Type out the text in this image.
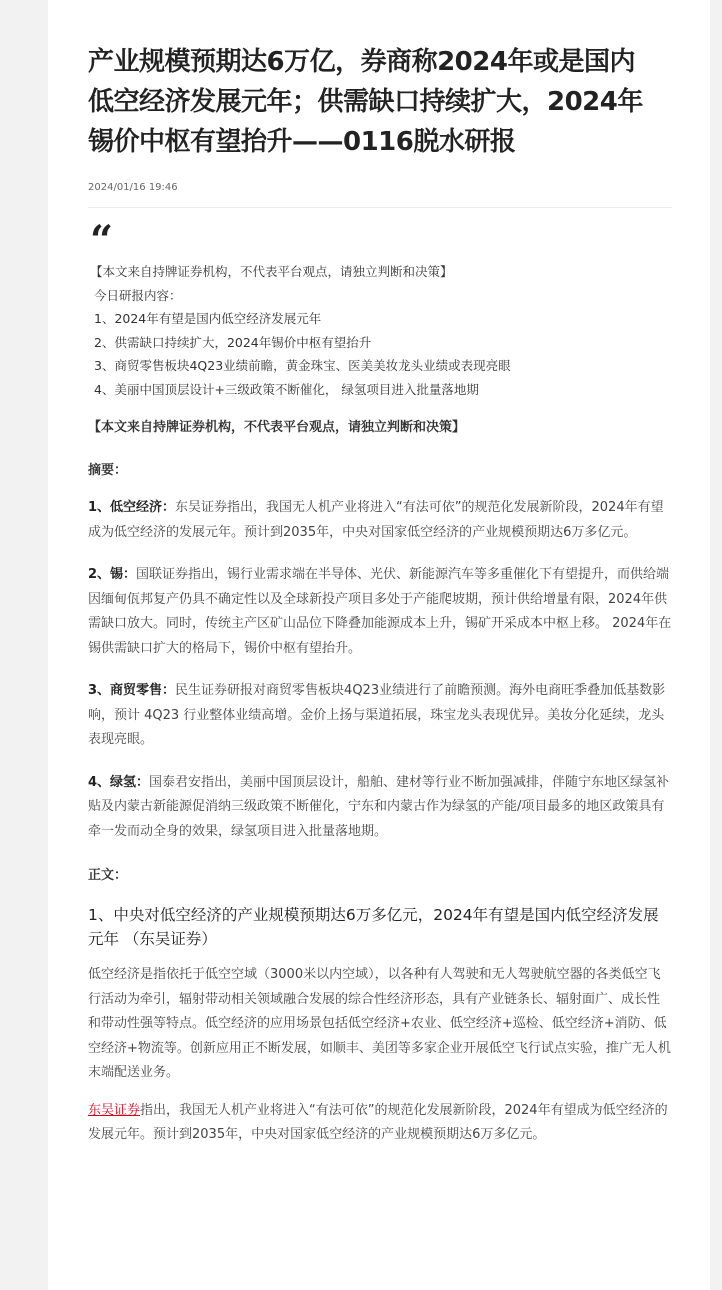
产业规模预期达6万亿，券商称2024年或是国内
低空经济发展元年；供需缺口持续扩大，2024年
锡价中枢有望抬升——0116脱水研报
2024/01/16 19:46
“
【本文来自持牌证券机构，不代表平台观点，请独立判断和决策】
今日研报内容：
1、2024年有望是国内低空经济发展元年
2、供需缺口持续扩大，2024年锡价中枢有望抬升
3、商贸零售板块4Q23业绩前瞻，黄金珠宝、医美美妆龙头业绩或表现亮眼
4、美丽中国顶层设计+三级政策不断催化， 绿氢项目进入批量落地期
【本文来自持牌证券机构，不代表平台观点，请独立判断和决策】
摘要：

1、低空经济：东吴证券指出，我国无人机产业将进入“有法可依”的规范化发展新阶段，2024年有望成为低空经济的发展元年。预计到2035年，中央对国家低空经济的产业规模预期达6万多亿元。

2、锡：国联证券指出，锡行业需求端在半导体、光伏、新能源汽车等多重催化下有望提升，而供给端因缅甸佤邦复产仍具不确定性以及全球新投产项目多处于产能爬坡期，预计供给增量有限，2024年供需缺口放大。同时，传统主产区矿山品位下降叠加能源成本上升，锡矿开采成本中枢上移。 2024年在锡供需缺口扩大的格局下，锡价中枢有望抬升。

3、商贸零售：民生证券研报对商贸零售板块4Q23业绩进行了前瞻预测。海外电商旺季叠加低基数影响，预计 4Q23 行业整体业绩高增。金价上扬与渠道拓展，珠宝龙头表现优异。美妆分化延续，龙头表现亮眼。

4、绿氢：国泰君安指出，美丽中国顶层设计，船舶、建材等行业不断加强减排，伴随宁东地区绿氢补贴及内蒙古新能源促消纳三级政策不断催化，宁东和内蒙古作为绿氢的产能/项目最多的地区政策具有牵一发而动全身的效果，绿氢项目进入批量落地期。

正文：
1、中央对低空经济的产业规模预期达6万多亿元，2024年有望是国内低空经济发展元年 （东吴证券）

低空经济是指依托于低空空域（3000米以内空域），以各种有人驾驶和无人驾驶航空器的各类低空飞行活动为牵引，辐射带动相关领域融合发展的综合性经济形态，具有产业链条长、辐射面广、成长性和带动性强等特点。低空经济的应用场景包括低空经济+农业、低空经济+巡检、低空经济+消防、低空经济+物流等。创新应用正不断发展，如顺丰、美团等多家企业开展低空飞行试点实验，推广无人机末端配送业务。

东吴证券指出，我国无人机产业将进入“有法可依”的规范化发展新阶段，2024年有望成为低空经济的发展元年。预计到2035年，中央对国家低空经济的产业规模预期达6万多亿元。
